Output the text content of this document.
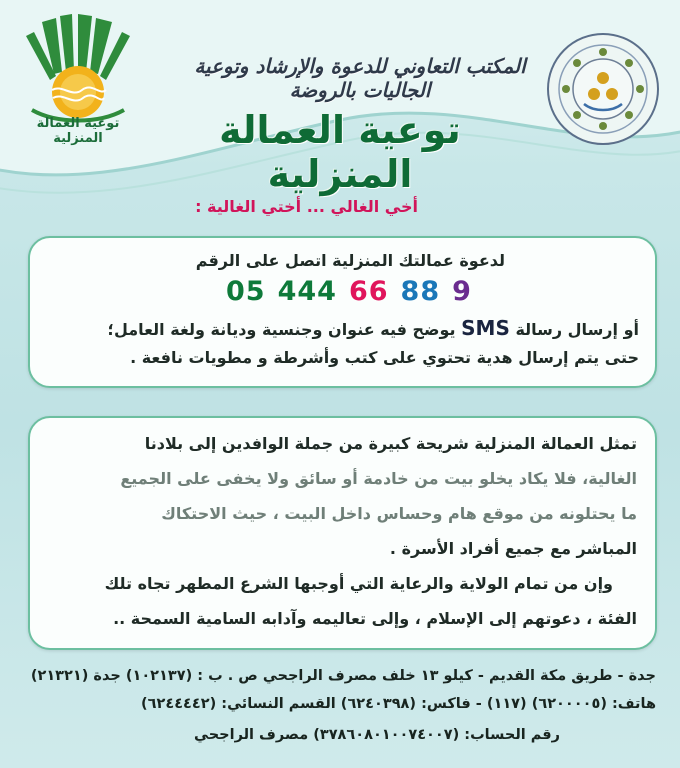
توعية العمالة المنزلية
المكتب التعاوني للدعوة والإرشاد وتوعية الجاليات بالروضة
توعية العمالة المنزلية
أخي الغالي ... أختي الغالية :
لدعوة عمالتك المنزلية اتصل على الرقم
05 444 66 88 9
أو إرسال رسالة SMS يوضح فيه عنوان وجنسية وديانة ولغة العامل؛
حتى يتم إرسال هدية تحتوي على كتب وأشرطة و مطويات نافعة .
تمثل العمالة المنزلية شريحة كبيرة من جملة الوافدين إلى بلادنا
الغالية، فلا يكاد يخلو بيت من خادمة أو سائق ولا يخفى على الجميع
ما يحتلونه من موقع هام وحساس داخل البيت ، حيث الاحتكاك
المباشر مع جميع أفراد الأسرة .
وإن من تمام الولاية والرعاية التي أوجبها الشرع المطهر تجاه تلك
الفئة ، دعوتهم إلى الإسلام ، وإلى تعاليمه وآدابه السامية السمحة ..
جدة - طريق مكة القديم - كيلو ١٣ خلف مصرف الراجحي ص . ب : (١٠٢١٣٧) جدة (٢١٣٢١)
هاتف: (٦٢٠٠٠٠٥) (١١٧) - فاكس: (٦٢٤٠٣٩٨) القسم النسائي: (٦٢٤٤٤٤٢)
رقم الحساب: (٣٧٨٦٠٨٠١٠٠٧٤٠٠٧) مصرف الراجحي
